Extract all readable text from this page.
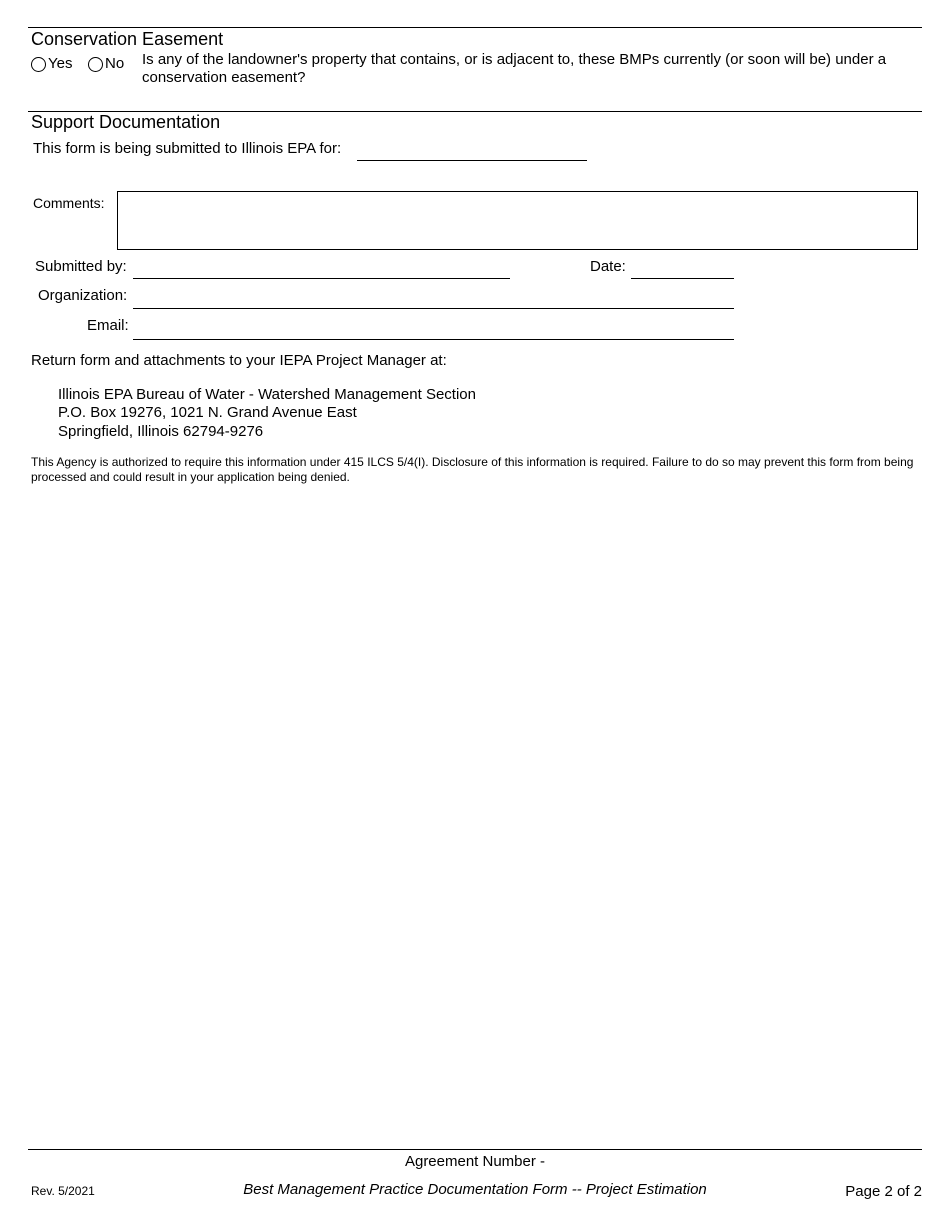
Conservation Easement
Yes No Is any of the landowner's property that contains, or is adjacent to, these BMPs currently (or soon will be) under a conservation easement?
Support Documentation
This form is being submitted to Illinois EPA for:
Comments:
Submitted by:	Date:
Organization:
Email:
Return form and attachments to your IEPA Project Manager at:
Illinois EPA Bureau of Water - Watershed Management Section
P.O. Box 19276, 1021 N. Grand Avenue East
Springfield, Illinois 62794-9276
This Agency is authorized to require this information under 415 ILCS 5/4(I). Disclosure of this information is required. Failure to do so may prevent this form from being processed and could result in your application being denied.
Agreement Number -
Rev. 5/2021	Best Management Practice Documentation Form -- Project Estimation	Page 2 of 2
